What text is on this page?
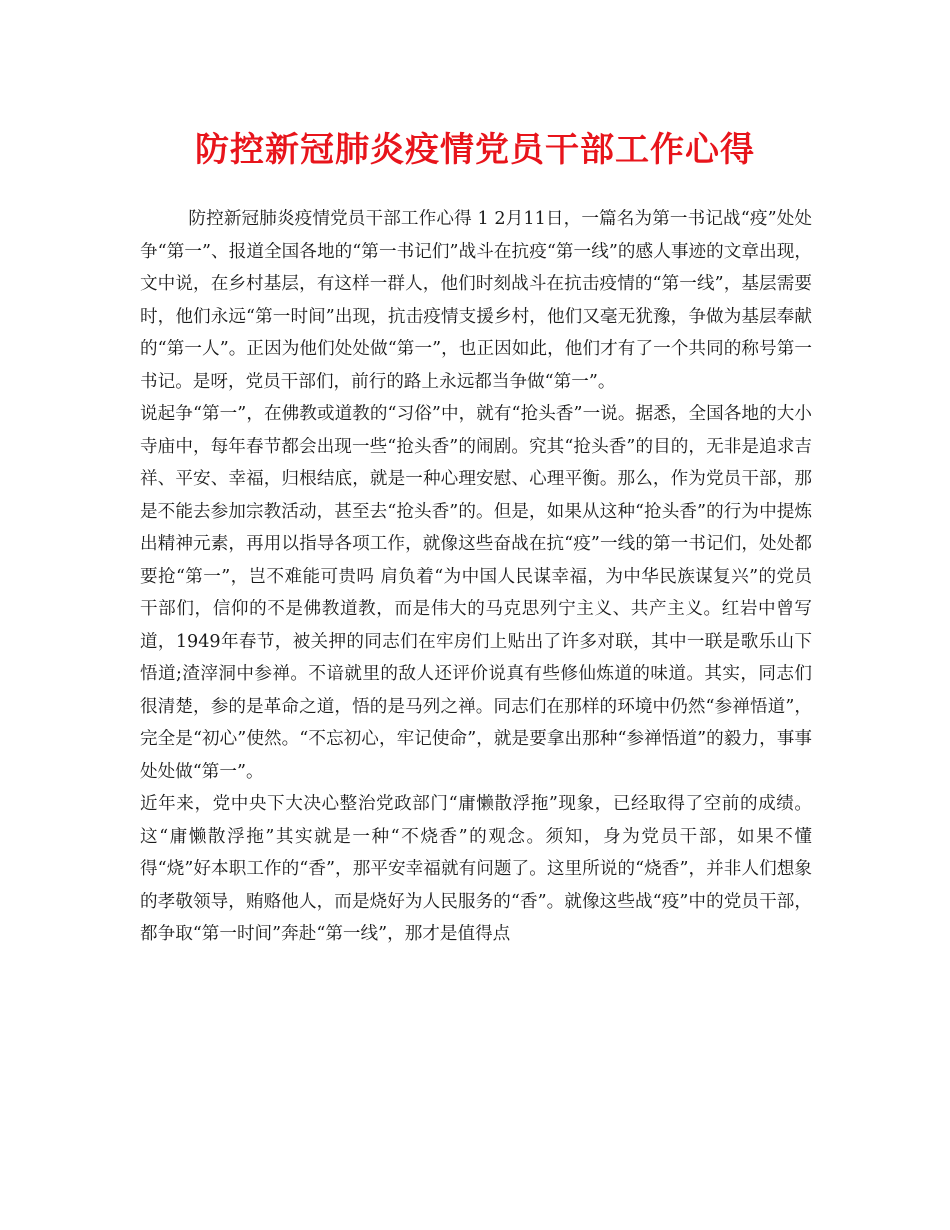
防控新冠肺炎疫情党员干部工作心得

防控新冠肺炎疫情党员干部工作心得 1 2月11日，一篇名为第一书记战“疫”处处争“第一”、报道全国各地的“第一书记们”战斗在抗疫“第一线”的感人事迹的文章出现，文中说，在乡村基层，有这样一群人，他们时刻战斗在抗击疫情的“第一线”，基层需要时，他们永远“第一时间”出现，抗击疫情支援乡村，他们又毫无犹豫，争做为基层奉献的“第一人”。正因为他们处处做“第一”，也正因如此，他们才有了一个共同的称号第一书记。是呀，党员干部们，前行的路上永远都当争做“第一”。

说起争“第一”，在佛教或道教的“习俗”中，就有“抢头香”一说。据悉，全国各地的大小寺庙中，每年春节都会出现一些“抢头香”的闹剧。究其“抢头香”的目的，无非是追求吉祥、平安、幸福，归根结底，就是一种心理安慰、心理平衡。那么，作为党员干部，那是不能去参加宗教活动，甚至去“抢头香”的。但是，如果从这种“抢头香”的行为中提炼出精神元素，再用以指导各项工作，就像这些奋战在抗“疫”一线的第一书记们，处处都要抢“第一”，岂不难能可贵吗 肩负着“为中国人民谋幸福，为中华民族谋复兴”的党员干部们，信仰的不是佛教道教，而是伟大的马克思列宁主义、共产主义。红岩中曾写道，1949年春节，被关押的同志们在牢房们上贴出了许多对联，其中一联是歌乐山下悟道;渣滓洞中参禅。不谙就里的敌人还评价说真有些修仙炼道的味道。其实，同志们很清楚，参的是革命之道，悟的是马列之禅。同志们在那样的环境中仍然“参禅悟道”，完全是“初心”使然。“不忘初心，牢记使命”，就是要拿出那种“参禅悟道”的毅力，事事处处做“第一”。

近年来，党中央下大决心整治党政部门“庸懒散浮拖”现象，已经取得了空前的成绩。这“庸懒散浮拖”其实就是一种“不烧香”的观念。须知，身为党员干部，如果不懂得“烧”好本职工作的“香”，那平安幸福就有问题了。这里所说的“烧香”，并非人们想象的孝敬领导，贿赂他人，而是烧好为人民服务的“香”。就像这些战“疫”中的党员干部，都争取“第一时间”奔赴“第一线”，那才是值得点
